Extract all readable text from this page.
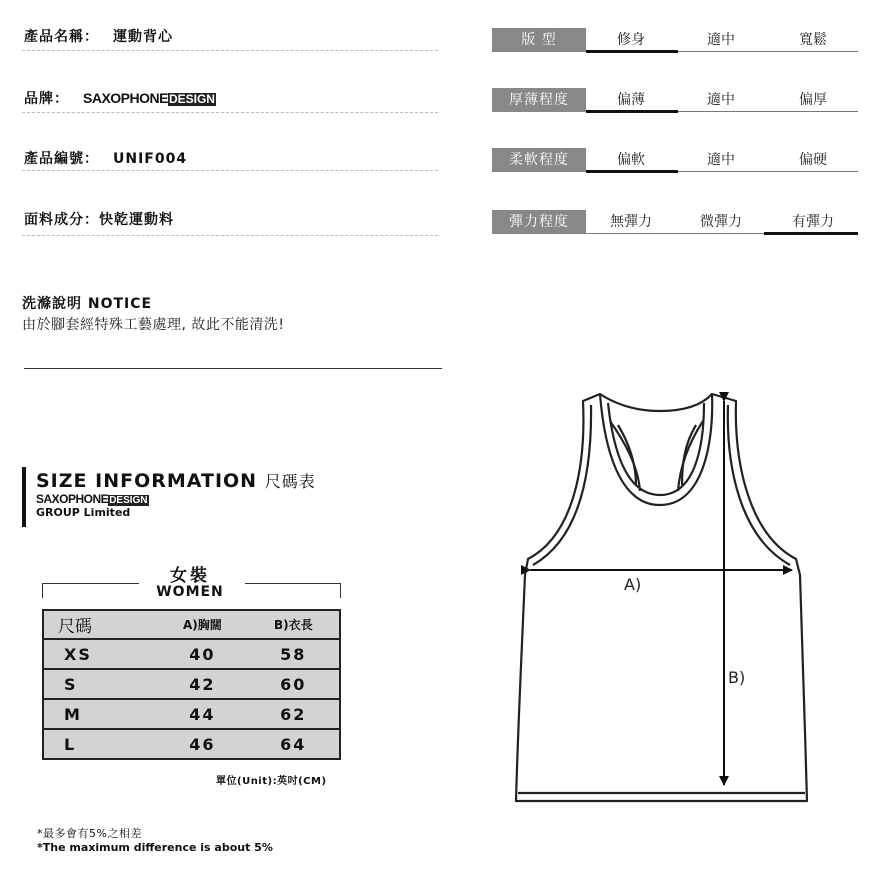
產品名稱： 運動背心
品牌： SAXOPHONEDESIGN
產品編號： UNIF004
面料成分：快乾運動料
版 型	修身	適中	寬鬆
厚薄程度	偏薄	適中	偏厚
柔軟程度	偏軟	適中	偏硬
彈力程度	無彈力	微彈力	有彈力
洗滌說明 NOTICE
由於腳套經特殊工藝處理, 故此不能清洗!
SIZE INFORMATION 尺碼表
SAXOPHONEDESIGN
GROUP Limited
女裝
WOMEN
尺碼	A)胸闊	B)衣長
XS	40	58
S	42	60
M	44	62
L	46	64
單位(Unit):英吋(CM)
*最多會有5%之相差
*The maximum difference is about 5%
A)
B)
